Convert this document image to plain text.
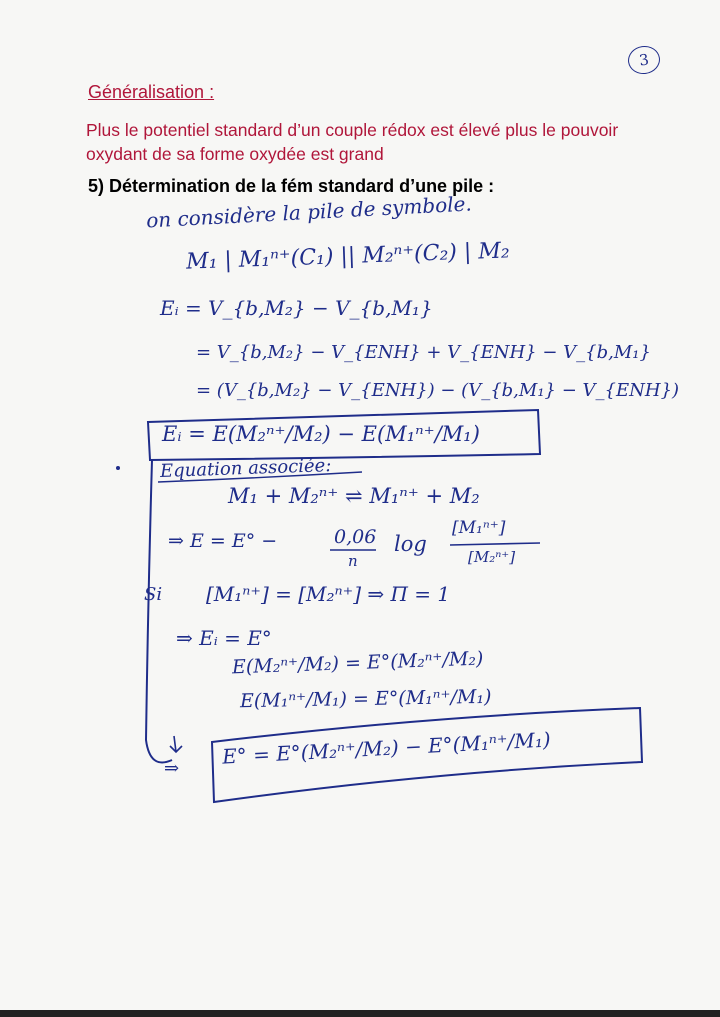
3
Généralisation :
Plus le potentiel standard d’un couple rédox est élevé plus le pouvoir oxydant de sa forme oxydée est grand
5) Détermination de la fém standard d’une pile :
on considère la pile de symbole.
M₁ | M₁ⁿ⁺(C₁) || M₂ⁿ⁺(C₂) | M₂
Eᵢ = V_{b,M₂} − V_{b,M₁}
= V_{b,M₂} − V_{ENH} + V_{ENH} − V_{b,M₁}
= (V_{b,M₂} − V_{ENH}) − (V_{b,M₁} − V_{ENH})
Eᵢ = E(M₂ⁿ⁺/M₂) − E(M₁ⁿ⁺/M₁)
Equation associée:
M₁ + M₂ⁿ⁺ ⇌ M₁ⁿ⁺ + M₂
⇒ E = E° −	0,06
n
log
[M₁ⁿ⁺]
[M₂ⁿ⁺]
Si [M₁ⁿ⁺] = [M₂ⁿ⁺] ⇒ Π = 1
⇒ Eᵢ = E°
E(M₂ⁿ⁺/M₂) = E°(M₂ⁿ⁺/M₂)
E(M₁ⁿ⁺/M₁) = E°(M₁ⁿ⁺/M₁)
⇒ E° = E°(M₂ⁿ⁺/M₂) − E°(M₁ⁿ⁺/M₁)
